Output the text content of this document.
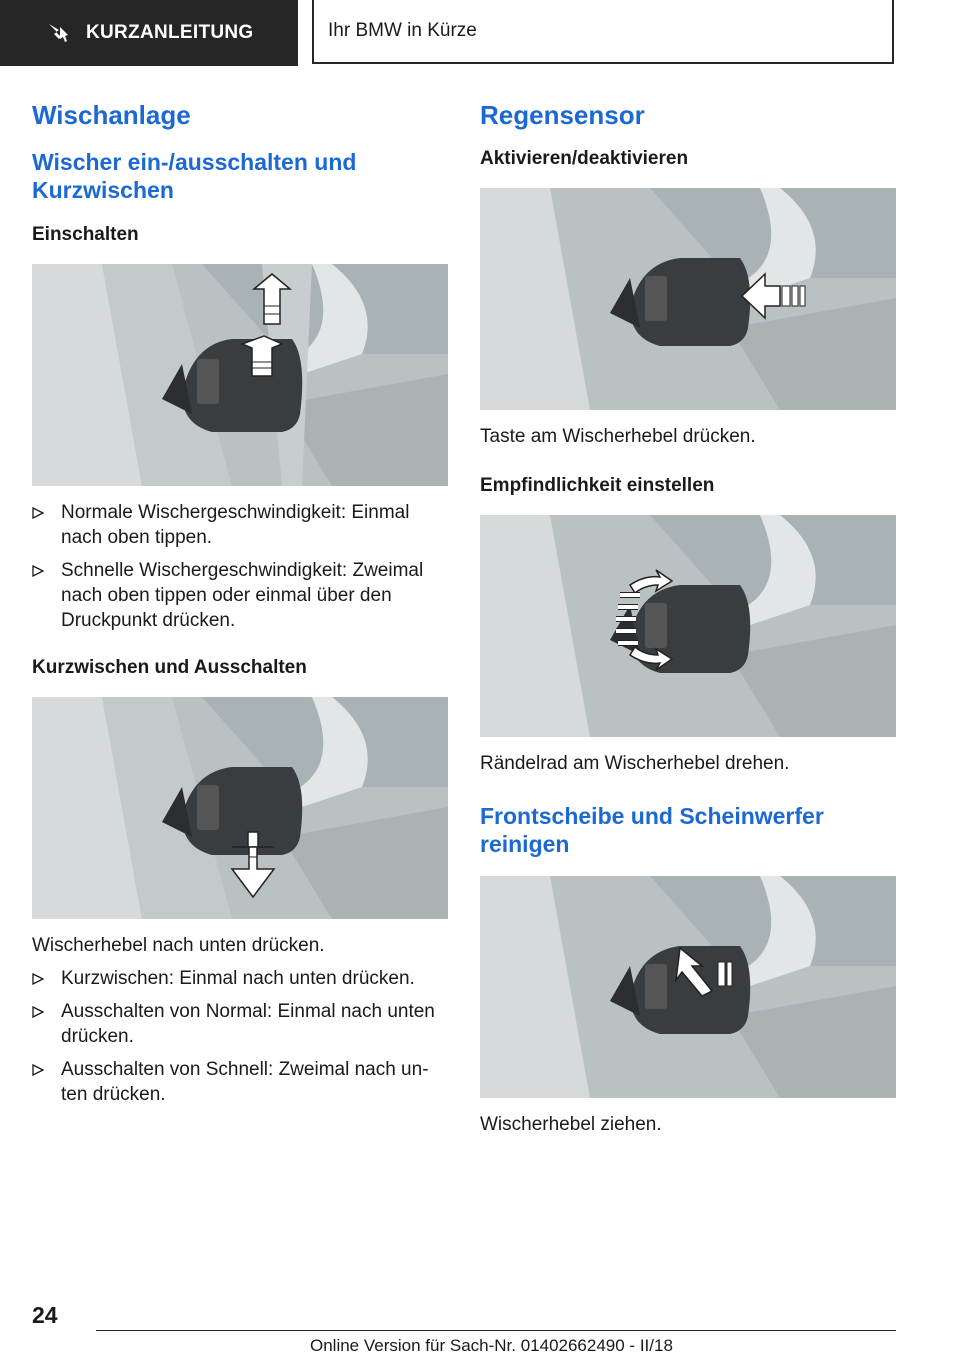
KURZANLEITUNG	Ihr BMW in Kürze
Wischanlage
Wischer ein-/ausschalten und Kurzwischen
Einschalten
Normale Wischergeschwindigkeit: Einmal nach oben tippen.
Schnelle Wischergeschwindigkeit: Zweimal nach oben tippen oder einmal über den Druckpunkt drücken.
Kurzwischen und Ausschalten

Wischerhebel nach unten drücken.

Kurzwischen: Einmal nach unten drücken.
Ausschalten von Normal: Einmal nach unten drücken.
Ausschalten von Schnell: Zweimal nach un-ten drücken.
Regensensor
Aktivieren/deaktivieren

Taste am Wischerhebel drücken.

Empfindlichkeit einstellen

Rändelrad am Wischerhebel drehen.

Frontscheibe und Scheinwerfer reinigen

Wischerhebel ziehen.

24
Online Version für Sach-Nr. 01402662490 - II/18
